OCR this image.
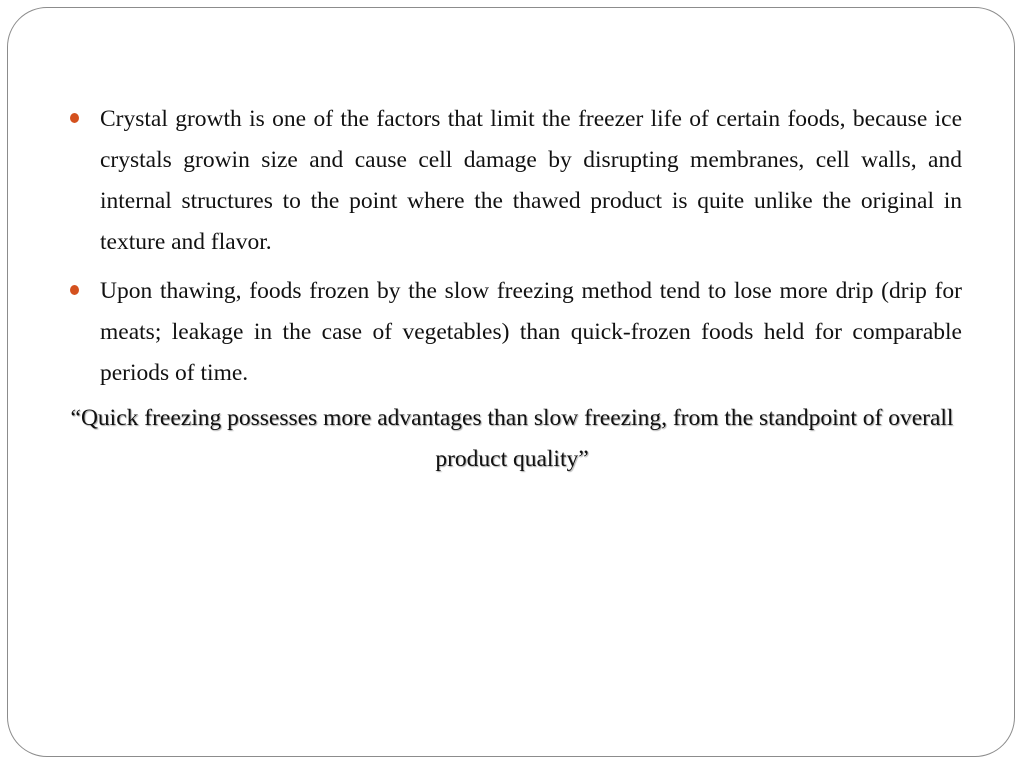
Crystal growth is one of the factors that limit the freezer life of certain foods, because ice crystals growin size and cause cell damage by disrupting membranes, cell walls, and internal structures to the point where the thawed product is quite unlike the original in texture and flavor.
Upon thawing, foods frozen by the slow freezing method tend to lose more drip (drip for meats; leakage in the case of vegetables) than quick-frozen foods held for comparable periods of time.
“Quick freezing possesses more advantages than slow freezing, from the standpoint of overall product quality”
